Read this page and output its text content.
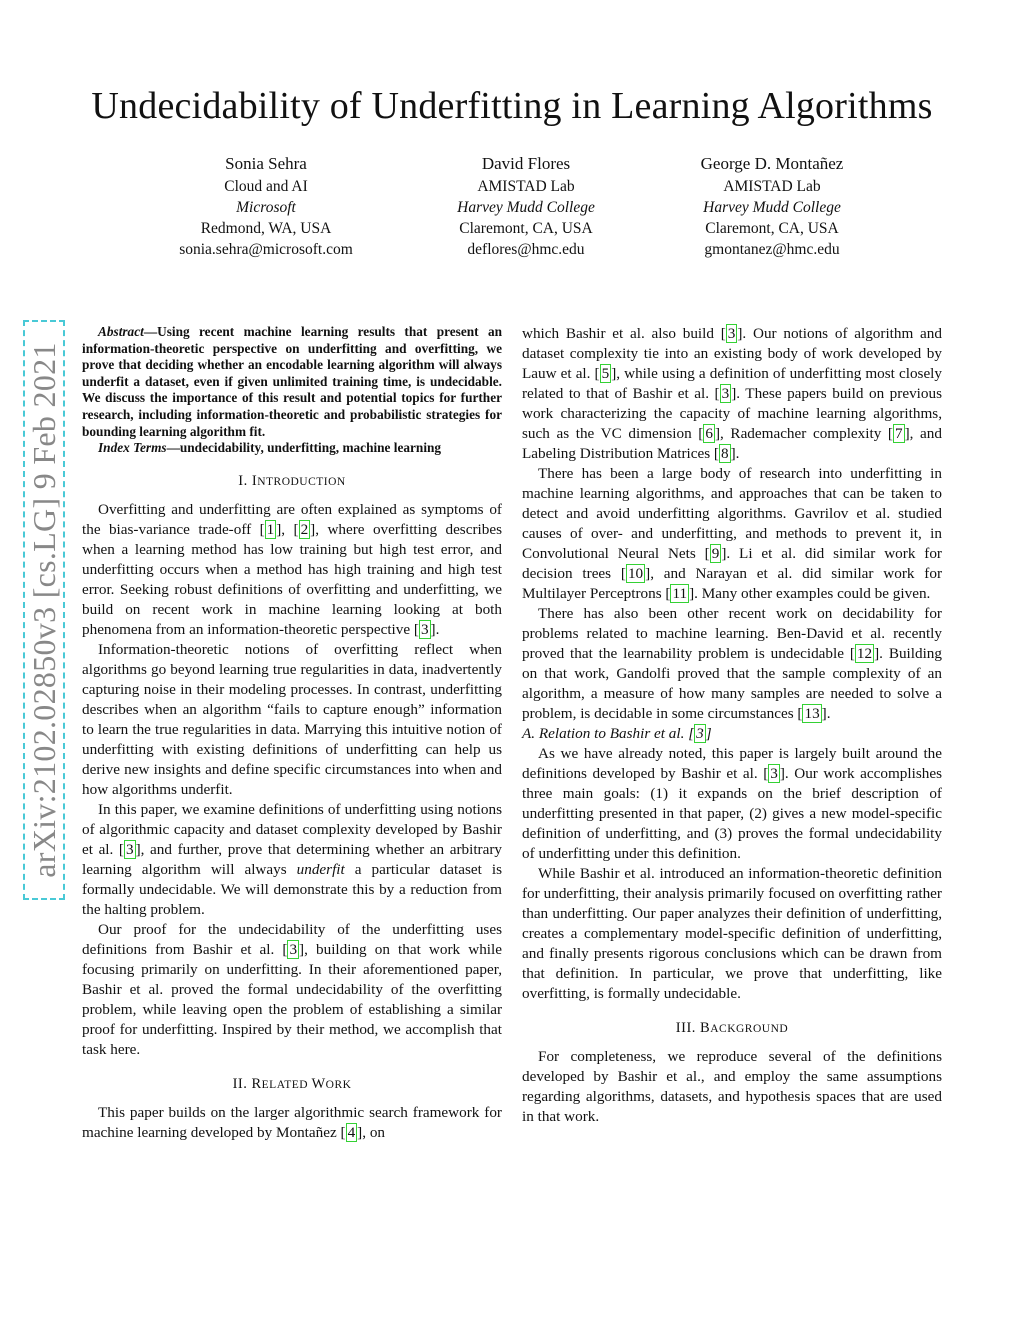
arXiv:2102.02850v3 [cs.LG] 9 Feb 2021
Undecidability of Underfitting in Learning Algorithms
Sonia Sehra
Cloud and AI
Microsoft
Redmond, WA, USA
sonia.sehra@microsoft.com
David Flores
AMISTAD Lab
Harvey Mudd College
Claremont, CA, USA
deflores@hmc.edu
George D. Montañez
AMISTAD Lab
Harvey Mudd College
Claremont, CA, USA
gmontanez@hmc.edu

Abstract—Using recent machine learning results that present an information-theoretic perspective on underfitting and overfitting, we prove that deciding whether an encodable learning algorithm will always underfit a dataset, even if given unlimited training time, is undecidable. We discuss the importance of this result and potential topics for further research, including information-theoretic and probabilistic strategies for bounding learning algorithm fit.

Index Terms—undecidability, underfitting, machine learning

I. INTRODUCTION

Overfitting and underfitting are often explained as symptoms of the bias-variance trade-off [ 1 ], [ 2 ], where overfitting describes when a learning method has low training but high test error, and underfitting occurs when a method has high training and high test error. Seeking robust definitions of overfitting and underfitting, we build on recent work in machine learning looking at both phenomena from an information-theoretic perspective [ 3 ].

Information-theoretic notions of overfitting reflect when algorithms go beyond learning true regularities in data, inadvertently capturing noise in their modeling processes. In contrast, underfitting describes when an algorithm “fails to capture enough” information to learn the true regularities in data. Marrying this intuitive notion of underfitting with existing definitions of underfitting can help us derive new insights and define specific circumstances into when and how algorithms underfit.

In this paper, we examine definitions of underfitting using notions of algorithmic capacity and dataset complexity developed by Bashir et al. [ 3 ], and further, prove that determining whether an arbitrary learning algorithm will always underfit a particular dataset is formally undecidable. We will demonstrate this by a reduction from the halting problem.

Our proof for the undecidability of the underfitting uses definitions from Bashir et al. [ 3 ], building on that work while focusing primarily on underfitting. In their aforementioned paper, Bashir et al. proved the formal undecidability of the overfitting problem, while leaving open the problem of establishing a similar proof for underfitting. Inspired by their method, we accomplish that task here.

II. RELATED WORK

This paper builds on the larger algorithmic search framework for machine learning developed by Montañez [ 4 ], on

which Bashir et al. also build [ 3 ]. Our notions of algorithm and dataset complexity tie into an existing body of work developed by Lauw et al. [ 5 ], while using a definition of underfitting most closely related to that of Bashir et al. [ 3 ]. These papers build on previous work characterizing the capacity of machine learning algorithms, such as the VC dimension [ 6 ], Rademacher complexity [ 7 ], and Labeling Distribution Matrices [ 8 ].

There has been a large body of research into underfitting in machine learning algorithms, and approaches that can be taken to detect and avoid underfitting algorithms. Gavrilov et al. studied causes of over- and underfitting, and methods to prevent it, in Convolutional Neural Nets [ 9 ]. Li et al. did similar work for decision trees [ 10 ], and Narayan et al. did similar work for Multilayer Perceptrons [ 11 ]. Many other examples could be given.

There has also been other recent work on decidability for problems related to machine learning. Ben-David et al. recently proved that the learnability problem is undecidable [ 12 ]. Building on that work, Gandolfi proved that the sample complexity of an algorithm, a measure of how many samples are needed to solve a problem, is decidable in some circumstances [ 13 ].

A. Relation to Bashir et al. [ 3 ]

As we have already noted, this paper is largely built around the definitions developed by Bashir et al. [ 3 ]. Our work accomplishes three main goals: (1) it expands on the brief description of underfitting presented in that paper, (2) gives a new model-specific definition of underfitting, and (3) proves the formal undecidability of underfitting under this definition.

While Bashir et al. introduced an information-theoretic definition for underfitting, their analysis primarily focused on overfitting rather than underfitting. Our paper analyzes their definition of underfitting, creates a complementary model-specific definition of underfitting, and finally presents rigorous conclusions which can be drawn from that definition. In particular, we prove that underfitting, like overfitting, is formally undecidable.

III. BACKGROUND

For completeness, we reproduce several of the definitions developed by Bashir et al., and employ the same assumptions regarding algorithms, datasets, and hypothesis spaces that are used in that work.
